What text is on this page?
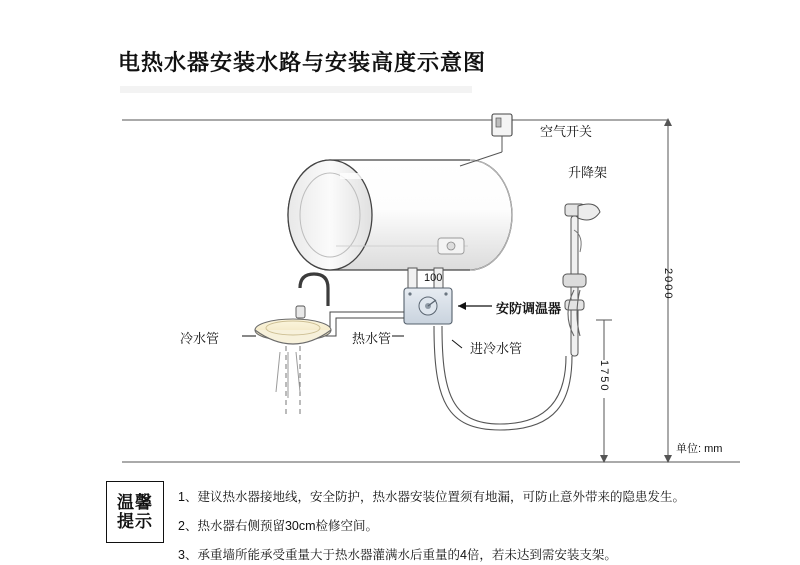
电热水器安装水路与安装高度示意图
空气开关
升降架
安防调温器
冷水管	热水管
进冷水管
100	2000
1750
单位: mm
温馨
提示
1、建议热水器接地线，安全防护，热水器安装位置须有地漏，可防止意外带来的隐患发生。
2、热水器右侧预留30cm检修空间。
3、承重墙所能承受重量大于热水器灌满水后重量的4倍，若未达到需安装支架。
